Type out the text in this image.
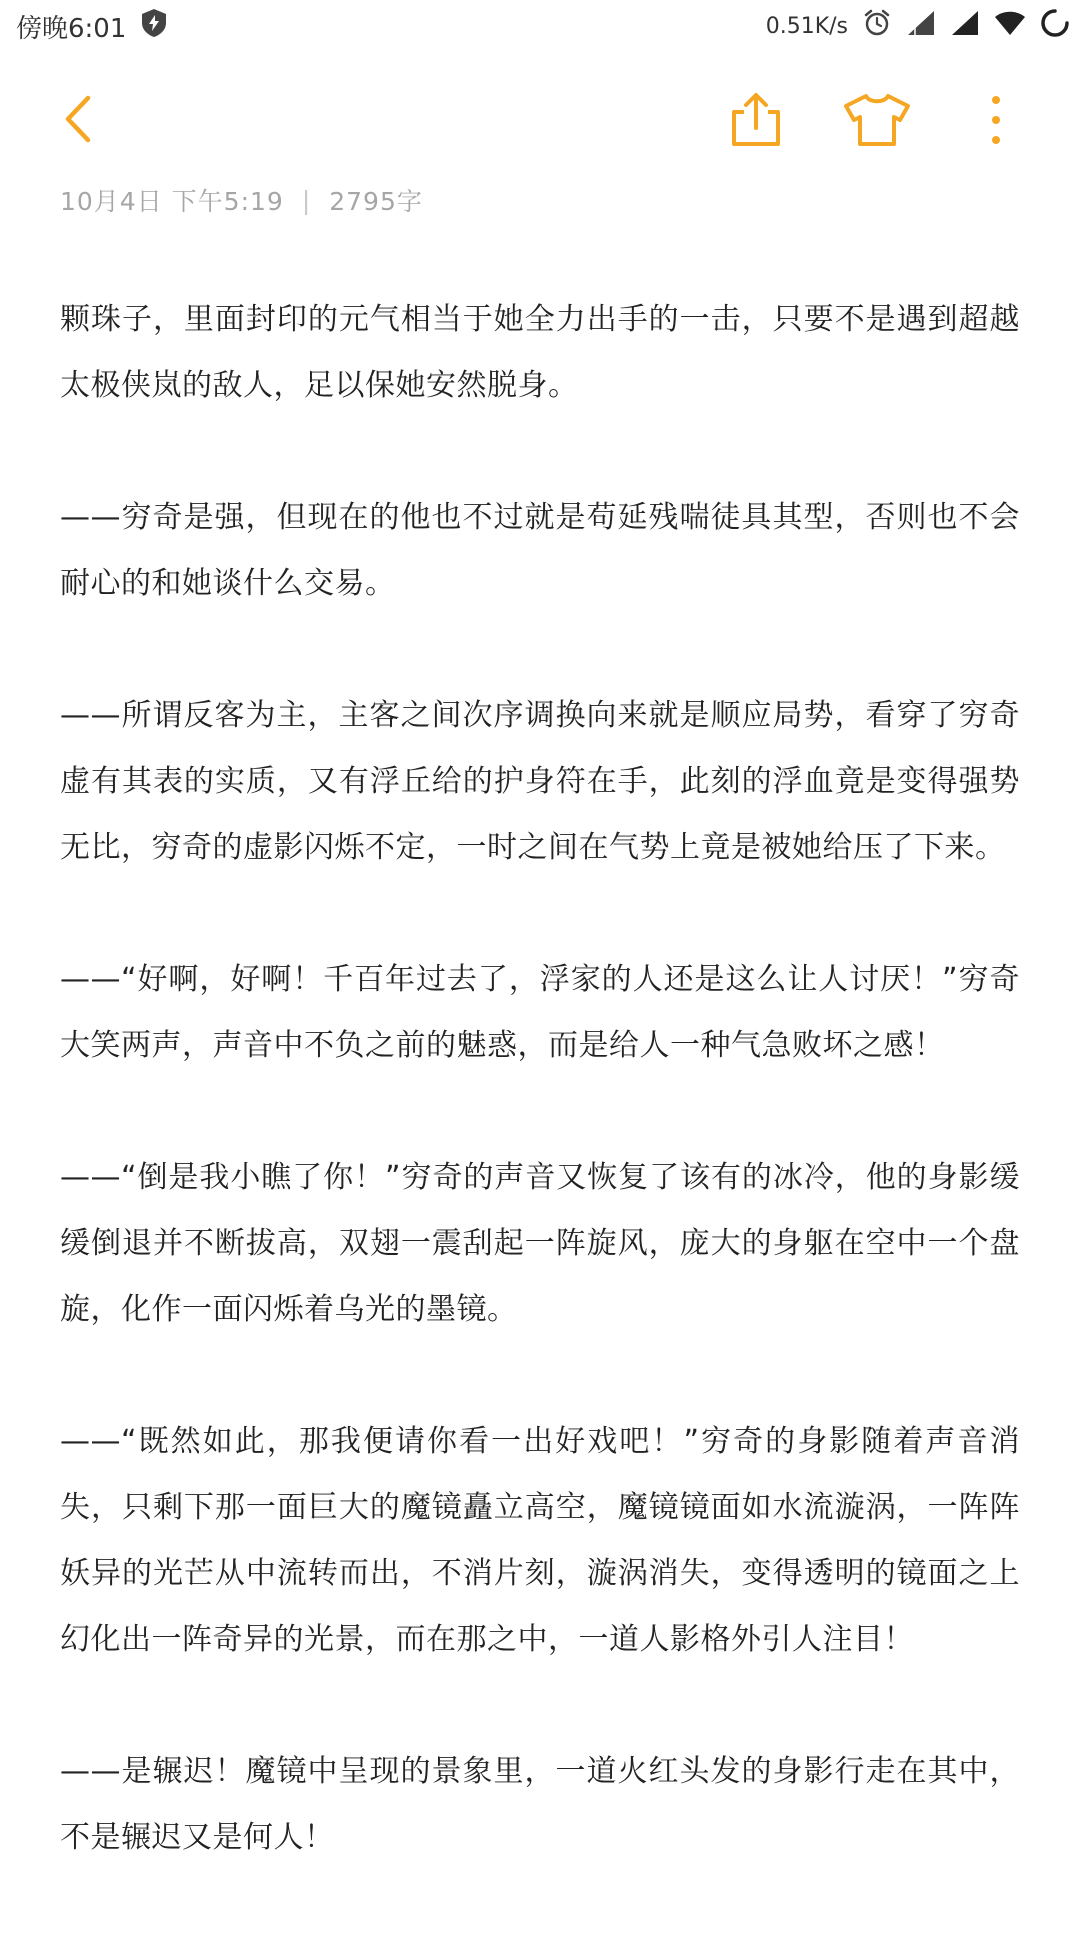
傍晚6:01	0.51K/s
10月4日 下午5:19 | 2795字

颗珠子，里面封印的元气相当于她全力出手的一击，只要不是遇到超越太极侠岚的敌人，足以保她安然脱身。

——穷奇是强，但现在的他也不过就是苟延残喘徒具其型，否则也不会耐心的和她谈什么交易。

——所谓反客为主，主客之间次序调换向来就是顺应局势，看穿了穷奇虚有其表的实质，又有浮丘给的护身符在手，此刻的浮血竟是变得强势无比，穷奇的虚影闪烁不定，一时之间在气势上竟是被她给压了下来。

——“好啊，好啊！千百年过去了，浮家的人还是这么让人讨厌！”穷奇大笑两声，声音中不负之前的魅惑，而是给人一种气急败坏之感！

——“倒是我小瞧了你！”穷奇的声音又恢复了该有的冰冷，他的身影缓缓倒退并不断拔高，双翅一震刮起一阵旋风，庞大的身躯在空中一个盘旋，化作一面闪烁着乌光的墨镜。

——“既然如此，那我便请你看一出好戏吧！”穷奇的身影随着声音消失，只剩下那一面巨大的魔镜矗立高空，魔镜镜面如水流漩涡，一阵阵妖异的光芒从中流转而出，不消片刻，漩涡消失，变得透明的镜面之上幻化出一阵奇异的光景，而在那之中，一道人影格外引人注目！

——是辗迟！魔镜中呈现的景象里，一道火红头发的身影行走在其中，不是辗迟又是何人！
